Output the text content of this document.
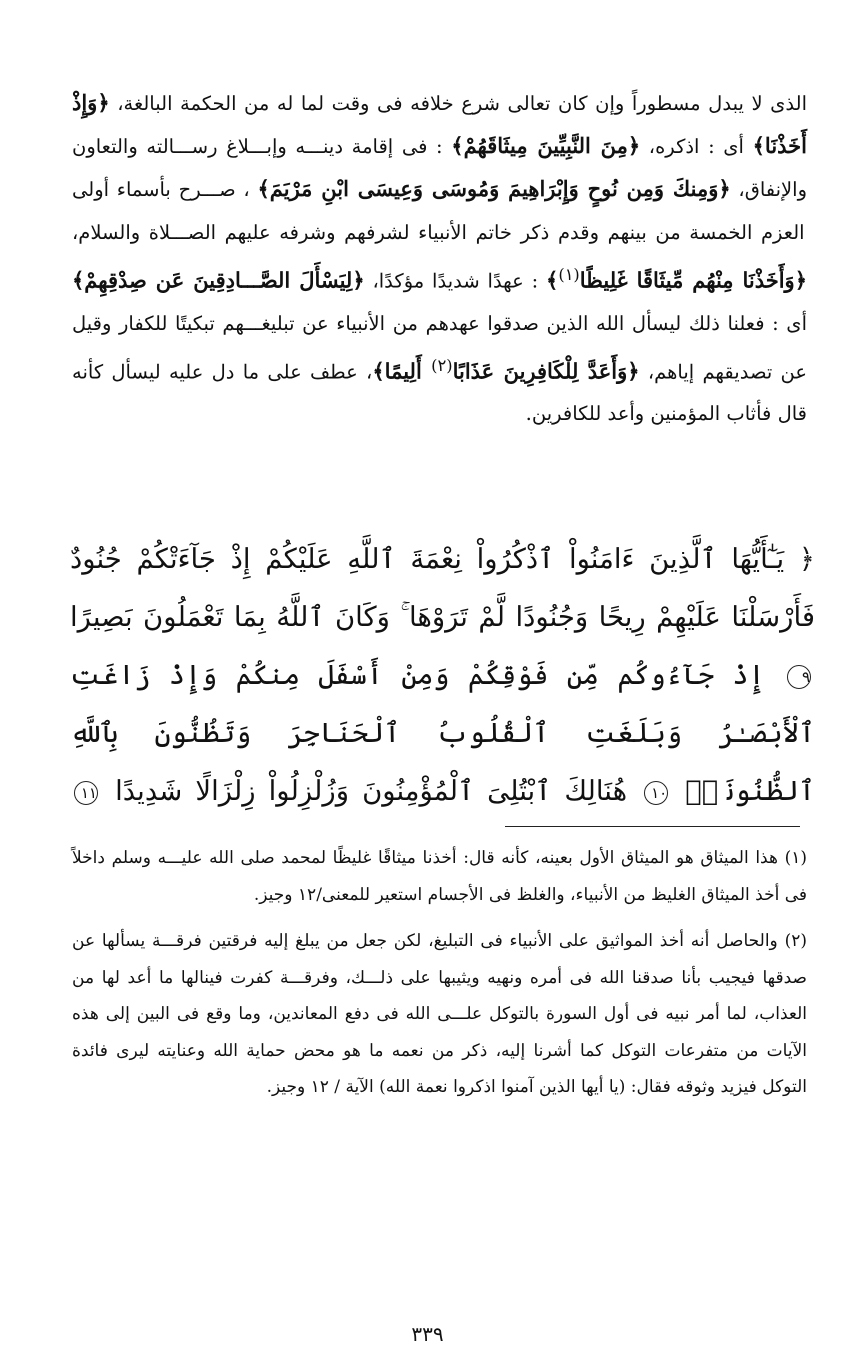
الذى لا يبدل مسطوراً وإن كان تعالى شرع خلافه فى وقت لما له من الحكمة البالغة، ﴿وَإِذْ أَخَذْنَا﴾ أى : اذكره، ﴿مِنَ النَّبِيِّينَ مِيثَاقَهُمْ﴾ : فى إقامة دينـــه وإبـــلاغ رســـالته والتعاون والإنفاق، ﴿وَمِنكَ وَمِن نُوحٍ وَإِبْرَاهِيمَ وَمُوسَى وَعِيسَى ابْنِ مَرْيَمَ﴾ ، صـــرح بأسماء أولى العزم الخمسة من بينهم وقدم ذكر خاتم الأنبياء لشرفهم وشرفه عليهم الصـــلاة والسلام، ﴿وَأَخَذْنَا مِنْهُم مِّيثَاقًا غَلِيظًا$^{(١)}$﴾ : عهدًا شديدًا مؤكدًا، ﴿لِيَسْأَلَ الصَّـــادِقِينَ عَن صِدْقِهِمْ﴾ أى : فعلنا ذلك ليسأل الله الذين صدقوا عهدهم من الأنبياء عن تبليغـــهم تبكيتًا للكفار وقيل عن تصديقهم إياهم، ﴿وَأَعَدَّ لِلْكَافِرِينَ عَذَابًا$^{(٢)}$ أَلِيمًا﴾، عطف على ما دل عليه ليسأل كأنه قال فأثاب المؤمنين وأعد للكافرين.

﴿ يَـٰٓأَيُّهَا ٱلَّذِينَ ءَامَنُواْ ٱذْكُرُواْ نِعْمَةَ ٱللَّهِ عَلَيْكُمْ إِذْ جَآءَتْكُمْ جُنُودٌ فَأَرْسَلْنَا عَلَيْهِمْ رِيحًا وَجُنُودًا لَّمْ تَرَوْهَا ۚ وَكَانَ ٱللَّهُ بِمَا تَعْمَلُونَ بَصِيرًا ٩ إِذْ جَآءُوكُم مِّن فَوْقِكُمْ وَمِنْ أَسْفَلَ مِنكُمْ وَإِذْ زَاغَتِ ٱلْأَبْصَـٰرُ وَبَلَغَتِ ٱلْقُلُوبُ ٱلْحَنَاجِرَ وَتَظُنُّونَ بِٱللَّهِ ٱلظُّنُونَا۠ ١٠ هُنَالِكَ ٱبْتُلِىَ ٱلْمُؤْمِنُونَ وَزُلْزِلُواْ زِلْزَالًا شَدِيدًا ١١

(١) هذا الميثاق هو الميثاق الأول بعينه، كأنه قال: أخذنا ميثاقًا غليظًا لمحمد صلى الله عليـــه وسلم داخلاً فى أخذ الميثاق الغليظ من الأنبياء، والغلظ فى الأجسام استعير للمعنى/١٢ وجيز.

(٢) والحاصل أنه أخذ المواثيق على الأنبياء فى التبليغ، لكن جعل من يبلغ إليه فرقتين فرقـــة يسألها عن صدقها فيجيب بأنا صدقنا الله فى أمره ونهيه ويثيبها على ذلـــك، وفرقـــة كفرت فينالها ما أعد لها من العذاب، لما أمر نبيه فى أول السورة بالتوكل علـــى الله فى دفع المعاندين، وما وقع فى البين إلى هذه الآيات من متفرعات التوكل كما أشرنا إليه، ذكر من نعمه ما هو محض حماية الله وعنايته ليرى فائدة التوكل فيزيد وثوقه فقال: (يا أيها الذين آمنوا اذكروا نعمة الله) الآية / ١٢ وجيز.

٣٣٩
